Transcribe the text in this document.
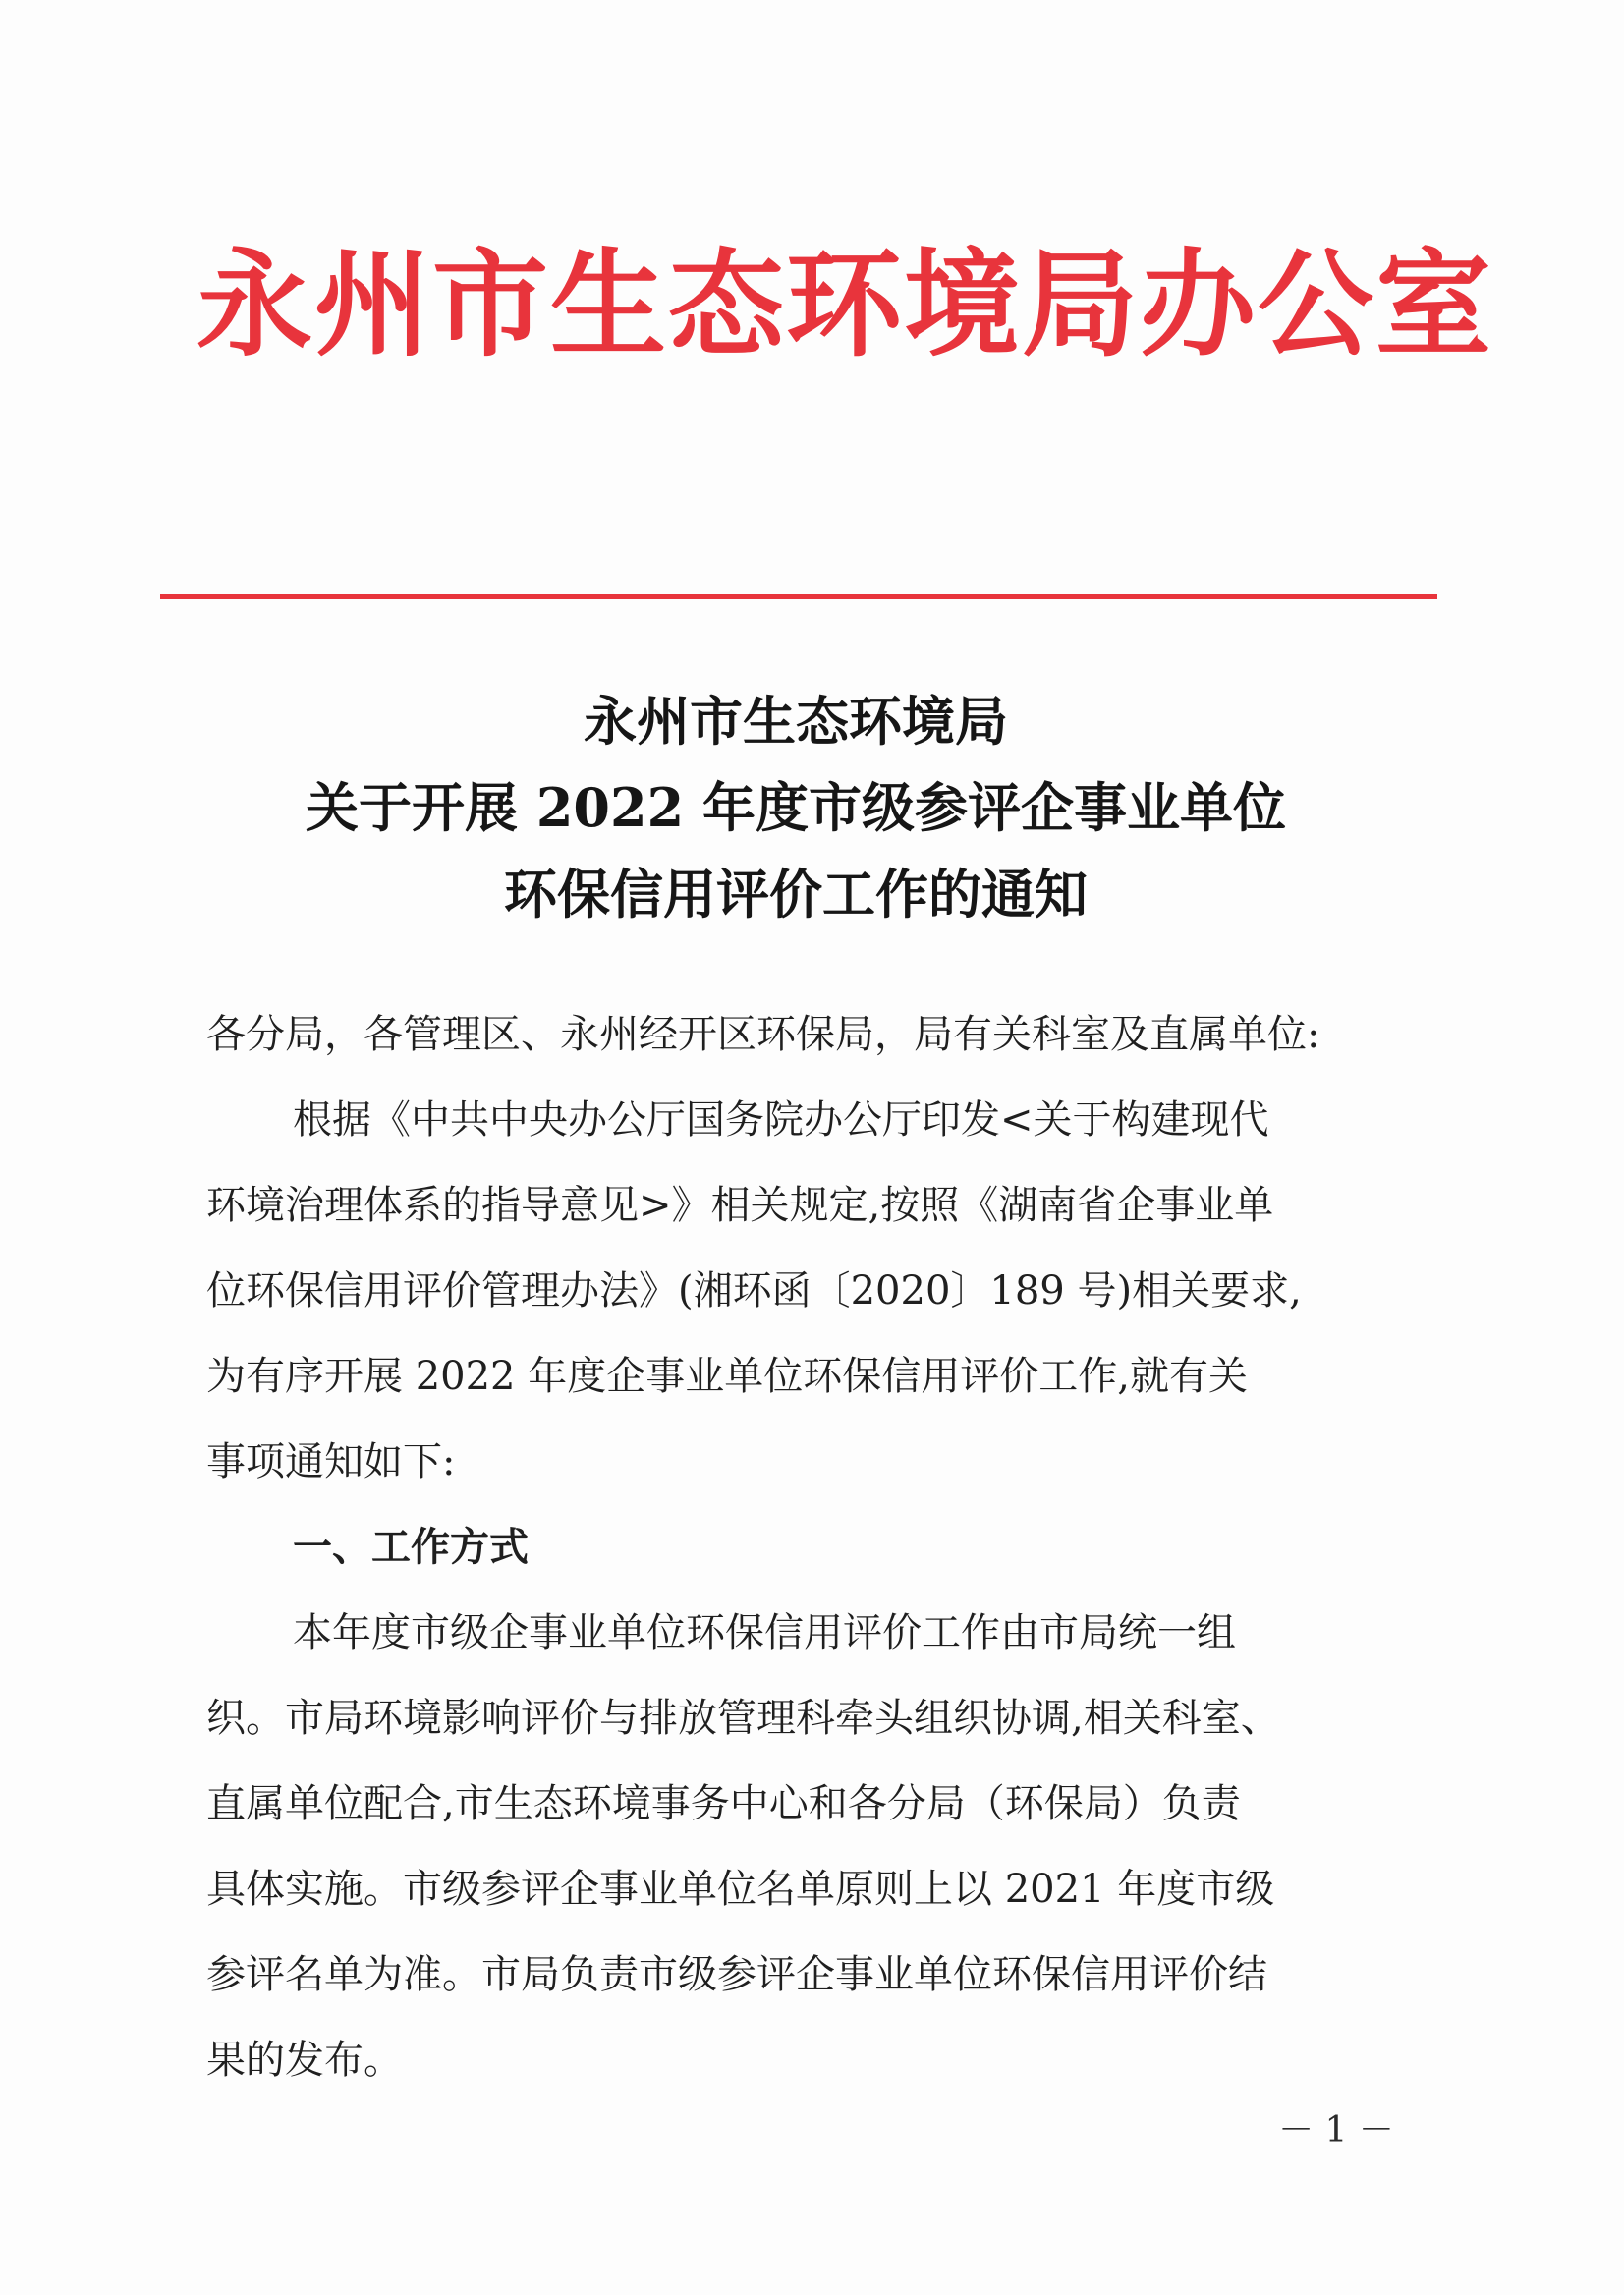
永州市生态环境局办公室
永州市生态环境局
关于开展 2022 年度市级参评企事业单位
环保信用评价工作的通知
各分局，各管理区、永州经开区环保局，局有关科室及直属单位:
根据《中共中央办公厅国务院办公厅印发<关于构建现代
环境治理体系的指导意见>》相关规定,按照《湖南省企事业单
位环保信用评价管理办法》(湘环函〔2020〕189 号)相关要求,
为有序开展 2022 年度企事业单位环保信用评价工作,就有关
事项通知如下:
一、工作方式
本年度市级企事业单位环保信用评价工作由市局统一组
织。市局环境影响评价与排放管理科牵头组织协调,相关科室、
直属单位配合,市生态环境事务中心和各分局（环保局）负责
具体实施。市级参评企事业单位名单原则上以 2021 年度市级
参评名单为准。市局负责市级参评企事业单位环保信用评价结
果的发布。
－ 1 －
